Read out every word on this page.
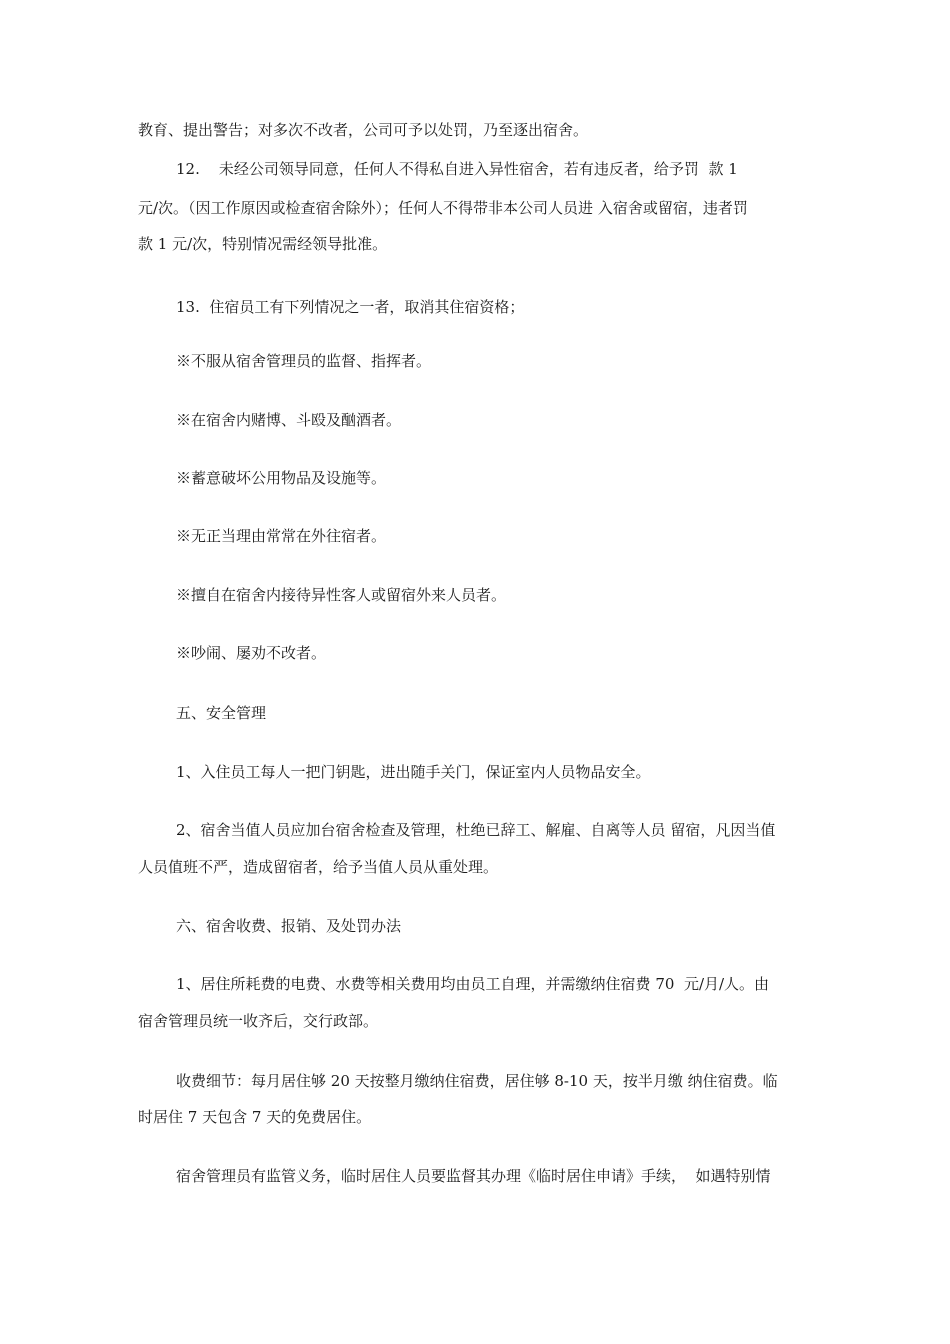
教育、提出警告；对多次不改者，公司可予以处罚，乃至逐出宿舍。
12.    未经公司领导同意，任何人不得私自进入异性宿舍，若有违反者，给予罚  款 1
元/次。（因工作原因或检查宿舍除外）；任何人不得带非本公司人员进 入宿舍或留宿，违者罚
款 1 元/次，特别情况需经领导批准。
13.  住宿员工有下列情况之一者，取消其住宿资格；
※不服从宿舍管理员的监督、指挥者。
※在宿舍内赌博、斗殴及酗酒者。
※蓄意破坏公用物品及设施等。
※无正当理由常常在外往宿者。
※擅自在宿舍内接待异性客人或留宿外来人员者。
※吵闹、屡劝不改者。
五、安全管理
1、入住员工每人一把门钥匙，进出随手关门，保证室内人员物品安全。
2、宿舍当值人员应加台宿舍检查及管理，杜绝已辞工、解雇、自离等人员 留宿，凡因当值
人员值班不严，造成留宿者，给予当值人员从重处理。
六、宿舍收费、报销、及处罚办法
1、居住所耗费的电费、水费等相关费用均由员工自理，并需缴纳住宿费 70  元/月/人。由
宿舍管理员统一收齐后，交行政部。
收费细节：每月居住够 20 天按整月缴纳住宿费，居住够 8-10 天，按半月缴 纳住宿费。临
时居住 7 天包含 7 天的免费居住。
宿舍管理员有监管义务，临时居住人员要监督其办理《临时居住申请》手续，  如遇特别情
